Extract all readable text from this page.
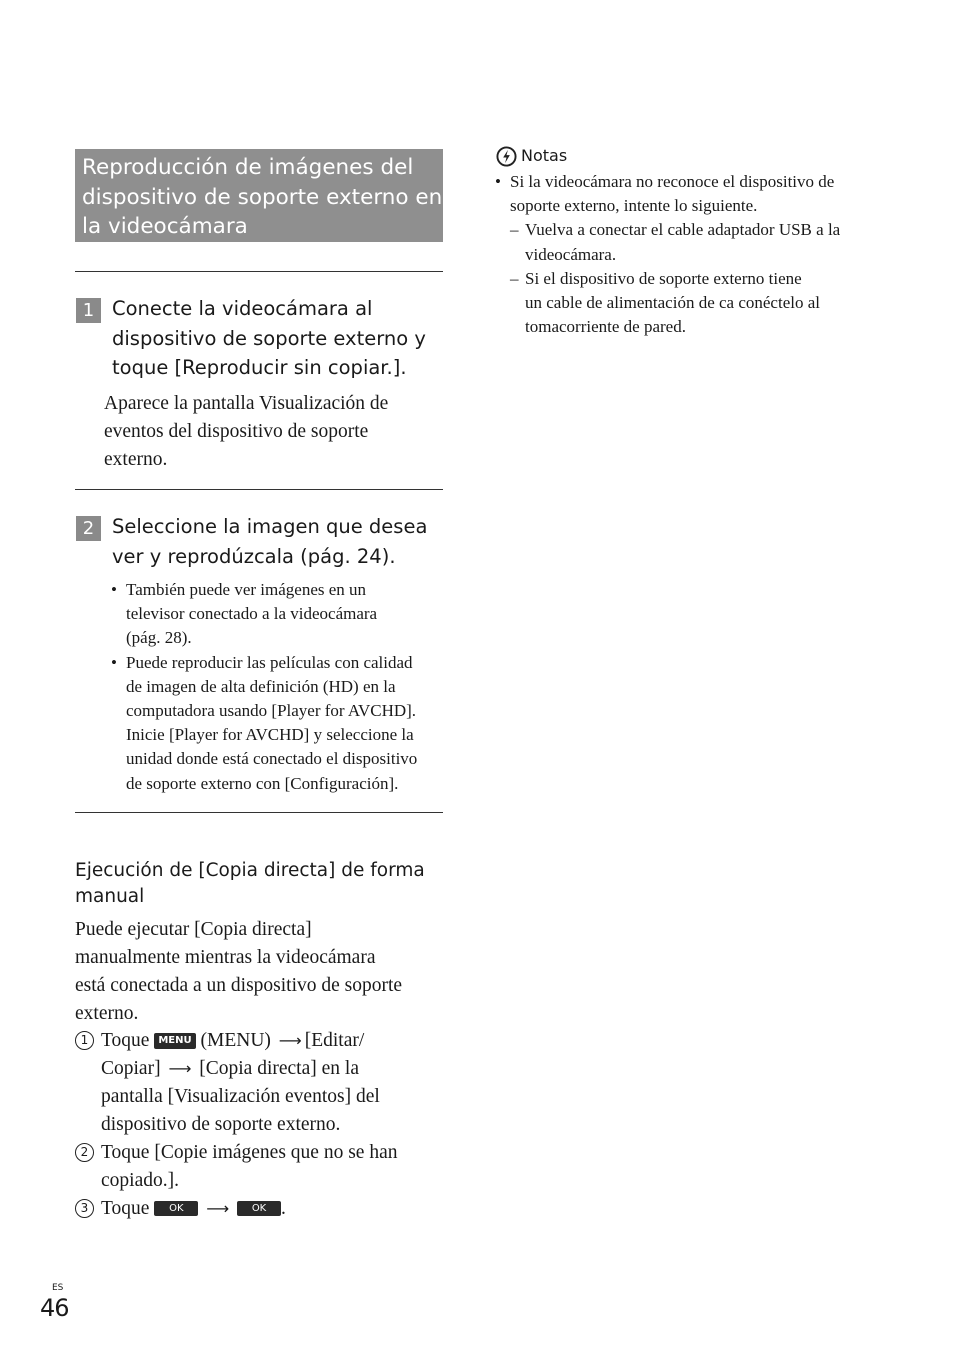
Reproducción de imágenes del
dispositivo de soporte externo en
la videocámara
1 Conecte la videocámara al
dispositivo de soporte externo y
toque [Reproducir sin copiar.].
Aparece la pantalla Visualización de
eventos del dispositivo de soporte
externo.
2 Seleccione la imagen que desea
ver y reprodúzcala (pág. 24).
• También puede ver imágenes en un
televisor conectado a la videocámara
(pág. 28).
• Puede reproducir las películas con calidad
de imagen de alta definición (HD) en la
computadora usando [Player for AVCHD].
Inicie [Player for AVCHD] y seleccione la
unidad donde está conectado el dispositivo
de soporte externo con [Configuración].
Ejecución de [Copia directa] de forma
manual
Puede ejecutar [Copia directa]
manualmente mientras la videocámara
está conectada a un dispositivo de soporte
externo.
1 Toque MENU (MENU) ⟶ [Editar/
Copiar] ⟶ [Copia directa] en la
pantalla [Visualización eventos] del
dispositivo de soporte externo.
2 Toque [Copie imágenes que no se han
copiado.].
3 Toque OK ⟶ OK .
Notas
• Si la videocámara no reconoce el dispositivo de
soporte externo, intente lo siguiente.
– Vuelva a conectar el cable adaptador USB a la
videocámara.
– Si el dispositivo de soporte externo tiene
un cable de alimentación de ca conéctelo al
tomacorriente de pared.
ES
46
